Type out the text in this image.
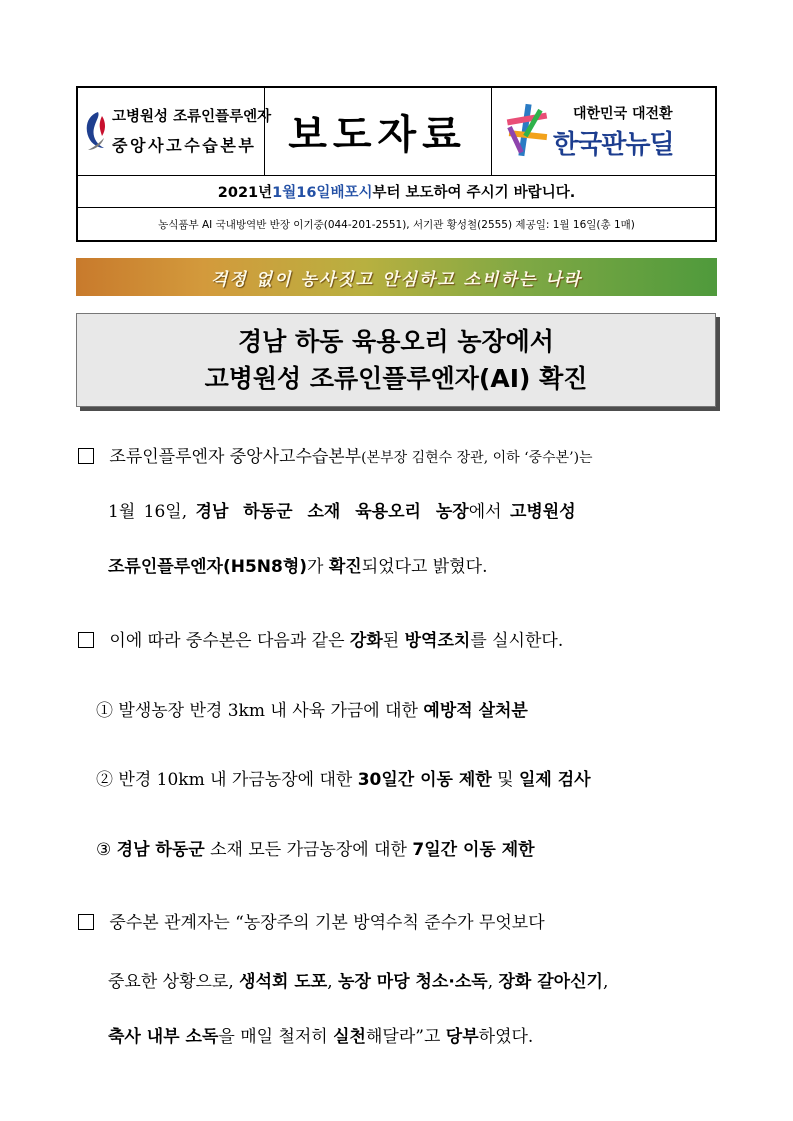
고병원성 조류인플루엔자
중앙사고수습본부 보도자료	대한민국 대전환
한국판뉴딜
2021년 1월 16일 배포 시 부터 보도하여 주시기 바랍니다.
농식품부 AI 국내방역반 반장 이기중(044-201-2551), 서기관 황성철(2555) 제공일: 1월 16일(총 1매)
걱정 없이 농사짓고 안심하고 소비하는 나라
경남 하동 육용오리 농장에서
고병원성 조류인플루엔자(AI) 확진
조류인플루엔자 중앙사고수습본부(본부장 김현수 장관, 이하 ‘중수본’)는
1월 16일, 경남 하동군 소재 육용오리 농장에서 고병원성
조류인플루엔자(H5N8형)가 확진되었다고 밝혔다.
이에 따라 중수본은 다음과 같은 강화된 방역조치를 실시한다.
① 발생농장 반경 3km 내 사육 가금에 대한 예방적 살처분
② 반경 10km 내 가금농장에 대한 30일간 이동 제한 및 일제 검사
③ 경남 하동군 소재 모든 가금농장에 대한 7일간 이동 제한
중수본 관계자는 “농장주의 기본 방역수칙 준수가 무엇보다
중요한 상황으로, 생석회 도포, 농장 마당 청소·소독, 장화 갈아신기,
축사 내부 소독을 매일 철저히 실천해달라”고 당부하였다.
